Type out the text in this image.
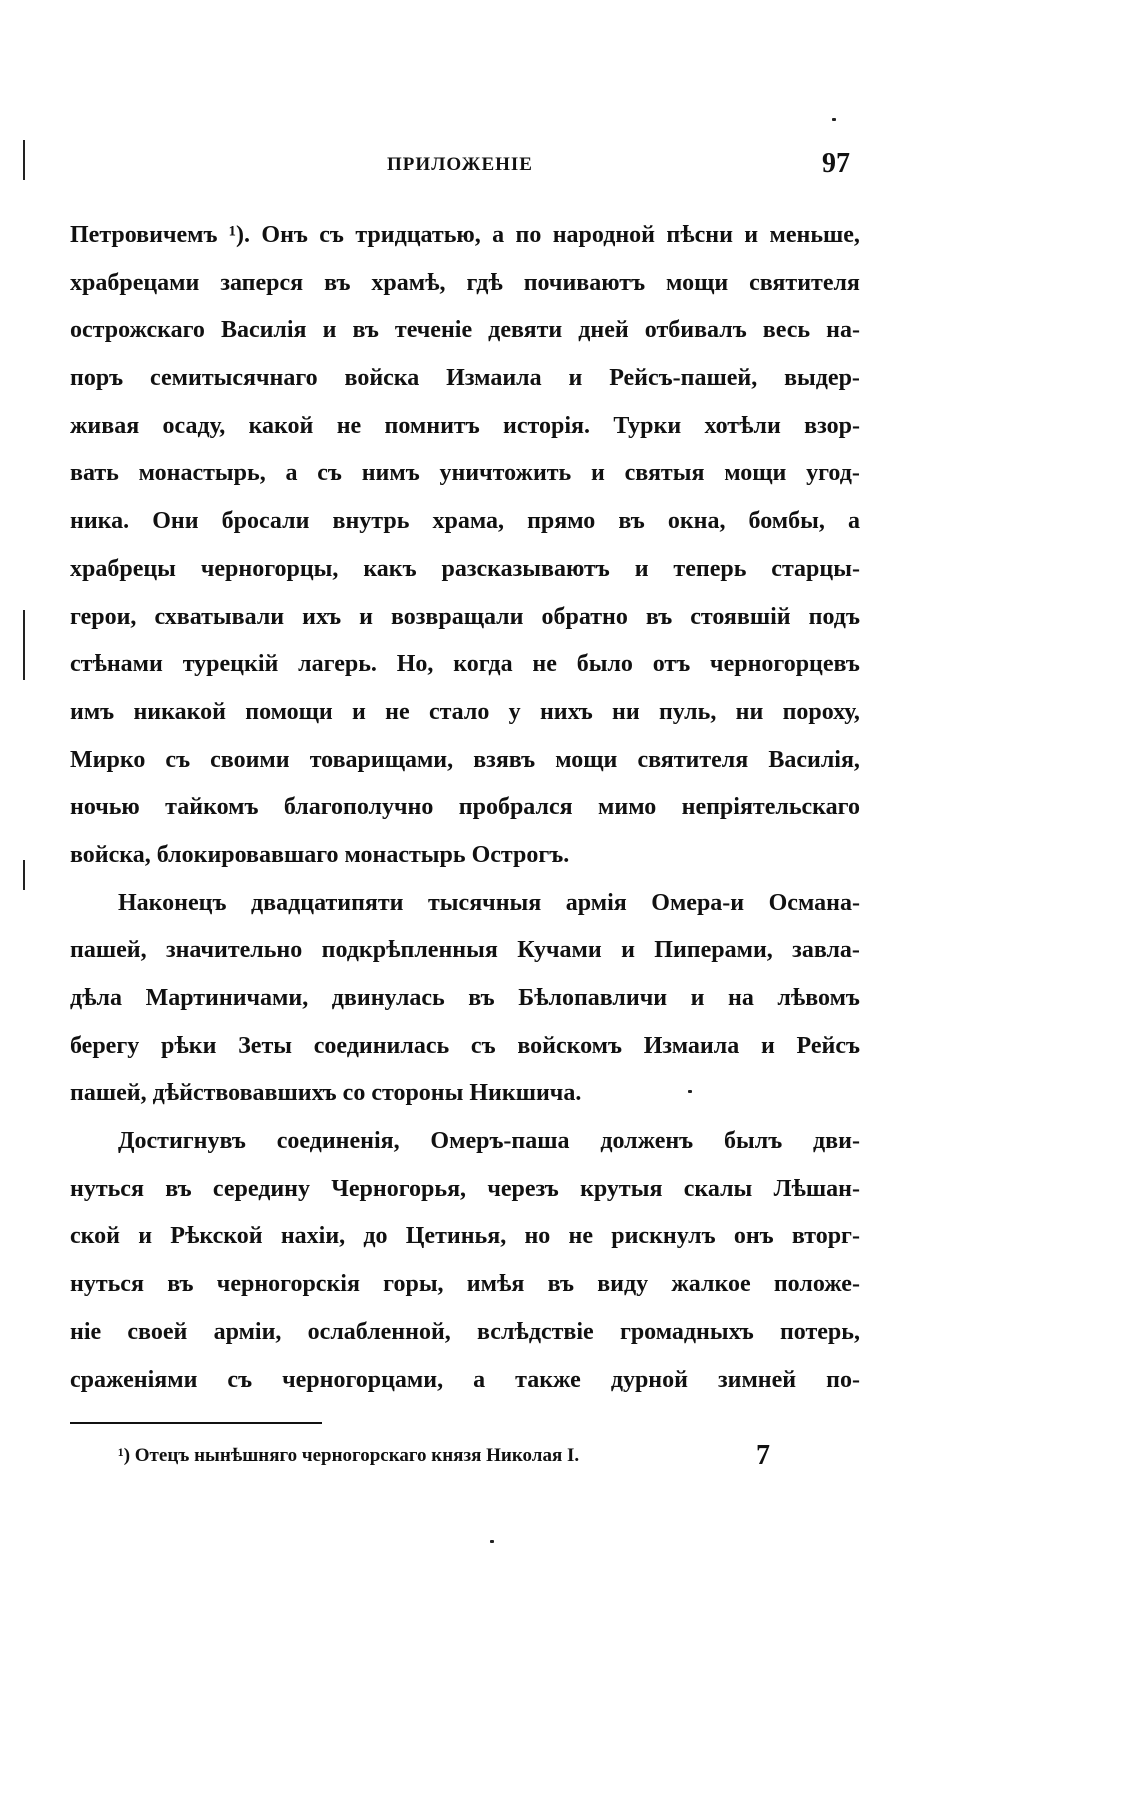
ПРИЛОЖЕНІЕ	97
Петровичемъ ¹). Онъ съ тридцатью, а по народной пѣсни и меньше,
храбрецами заперся въ храмѣ, гдѣ почиваютъ мощи святителя
острожскаго Василія и въ теченіе девяти дней отбивалъ весь на-
поръ семитысячнаго войска Измаила и Рейсъ-пашей, выдер-
живая осаду, какой не помнитъ исторія. Турки хотѣли взор-
вать монастырь, а съ нимъ уничтожить и святыя мощи угод-
ника. Они бросали внутрь храма, прямо въ окна, бомбы, а
храбрецы черногорцы, какъ разсказываютъ и теперь старцы-
герои, схватывали ихъ и возвращали обратно въ стоявшій подъ
стѣнами турецкій лагерь. Но, когда не было отъ черногорцевъ
имъ никакой помощи и не стало у нихъ ни пуль, ни пороху,
Мирко съ своими товарищами, взявъ мощи святителя Василія,
ночью тайкомъ благополучно пробрался мимо непріятельскаго
войска, блокировавшаго монастырь Острогъ.
Наконецъ двадцатипяти тысячныя армія Омера-и Османа-
пашей, значительно подкрѣпленныя Кучами и Пиперами, завла-
дѣла Мартиничами, двинулась въ Бѣлопавличи и на лѣвомъ
берегу рѣки Зеты соединилась съ войскомъ Измаила и Рейсъ
пашей, дѣйствовавшихъ со стороны Никшича.
Достигнувъ соединенія, Омеръ-паша долженъ былъ дви-
нуться въ середину Черногорья, черезъ крутыя скалы Лѣшан-
ской и Рѣкской нахіи, до Цетинья, но не рискнулъ онъ вторг-
нуться въ черногорскія горы, имѣя въ виду жалкое положе-
ніе своей арміи, ослабленной, вслѣдствіе громадныхъ потерь,
сраженіями съ черногорцами, а также дурной зимней по-
¹) Отецъ нынѣшняго черногорскаго князя Николая I.	7
